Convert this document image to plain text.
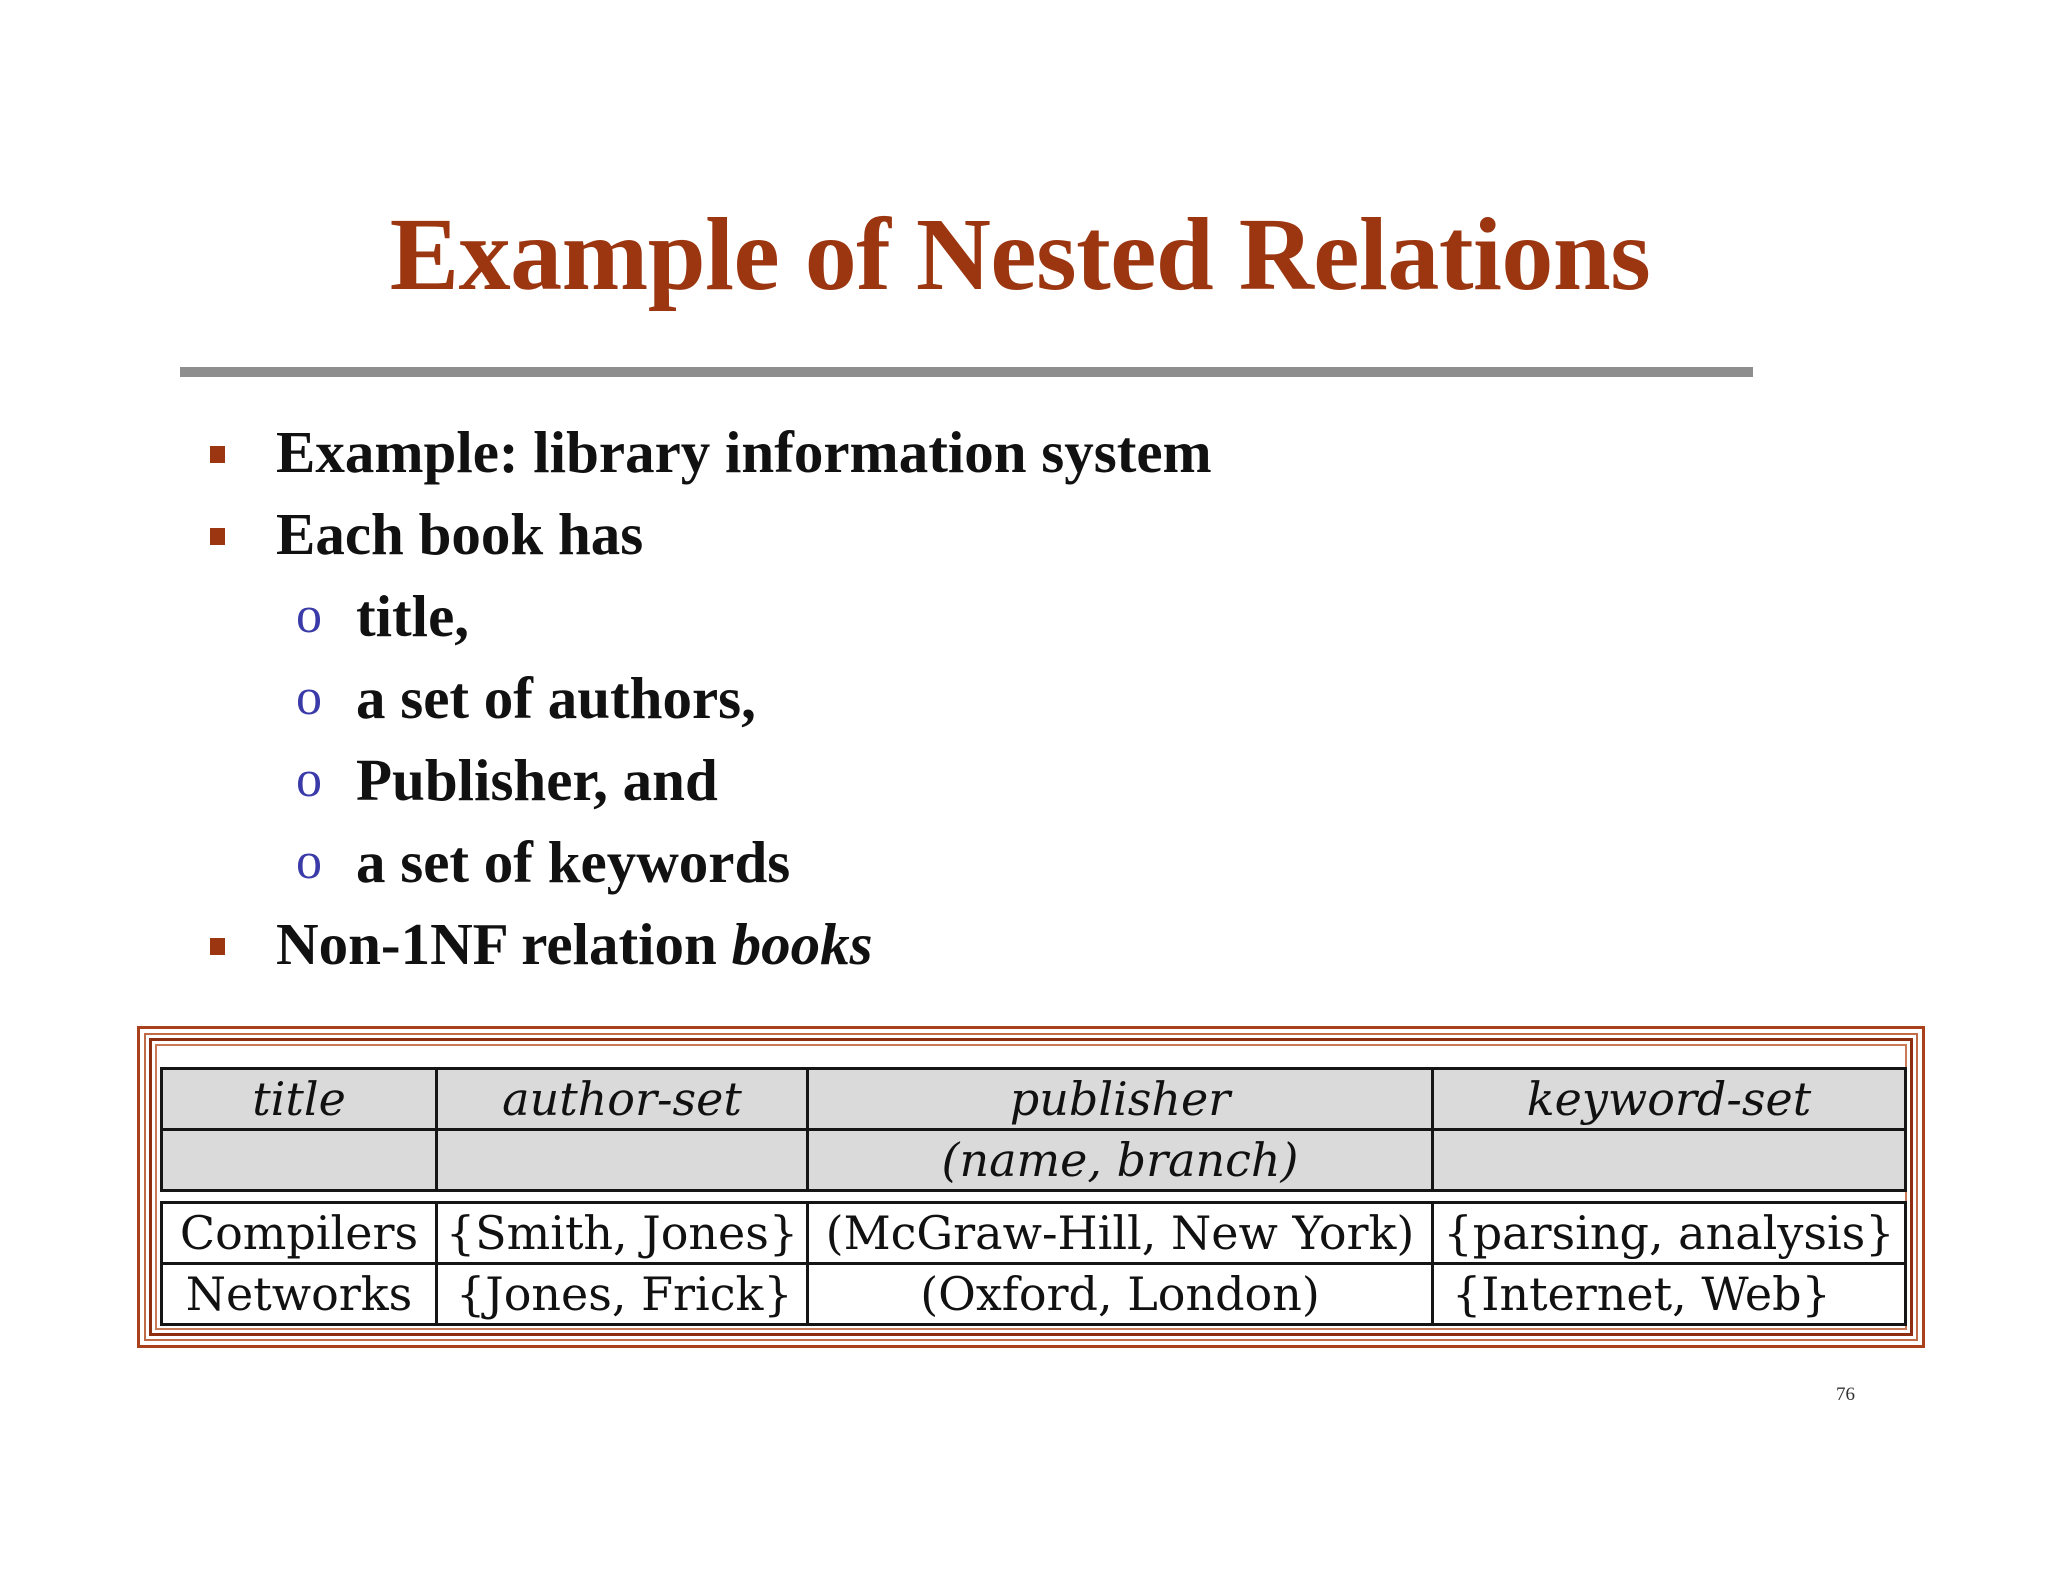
Example of Nested Relations
Example: library information system
Each book has
o title,
o a set of authors,
o Publisher, and
o a set of keywords
Non-1NF relation books
title	author-set	publisher	keyword-set
		(name, branch)	
Compilers	{Smith, Jones}	(McGraw-Hill, New York)	{parsing, analysis}
Networks	{Jones, Frick}	(Oxford, London)	{Internet, Web}
76
